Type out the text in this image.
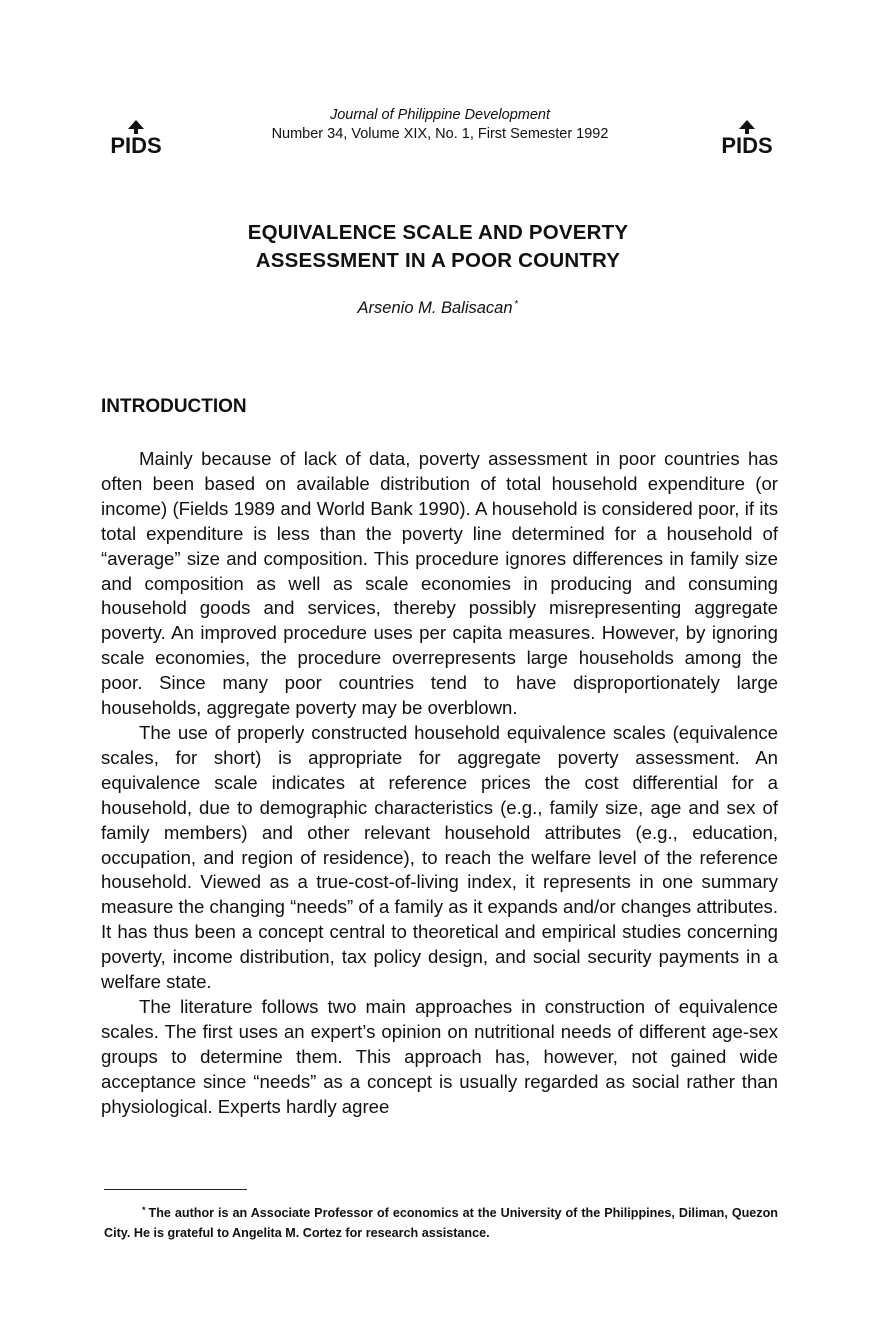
PIDS	PIDS
Journal of Philippine Development
Number 34, Volume XIX, No. 1, First Semester 1992
EQUIVALENCE SCALE AND POVERTY
ASSESSMENT IN A POOR COUNTRY
Arsenio M. Balisacan *
INTRODUCTION

Mainly because of lack of data, poverty assessment in poor countries has often been based on available distribution of total household expenditure (or income) (Fields 1989 and World Bank 1990). A household is considered poor, if its total expenditure is less than the poverty line determined for a household of “average” size and composition. This procedure ignores differences in family size and composition as well as scale economies in producing and consuming household goods and services, thereby possibly misrepresenting aggregate poverty. An improved procedure uses per capita measures. However, by ignoring scale economies, the procedure overrepresents large households among the poor. Since many poor countries tend to have disproportionately large households, aggregate poverty may be overblown.

The use of properly constructed household equivalence scales (equivalence scales, for short) is appropriate for aggregate poverty assessment. An equivalence scale indicates at reference prices the cost differential for a household, due to demographic characteristics (e.g., family size, age and sex of family members) and other relevant household attributes (e.g., education, occupation, and region of residence), to reach the welfare level of the reference household. Viewed as a true-cost-of-living index, it represents in one summary measure the changing “needs” of a family as it expands and/or changes attributes. It has thus been a concept central to theoretical and empirical studies concerning poverty, income distribution, tax policy design, and social security payments in a welfare state.

The literature follows two main approaches in construction of equivalence scales. The first uses an expert’s opinion on nutritional needs of different age-sex groups to determine them. This approach has, however, not gained wide acceptance since “needs” as a concept is usually regarded as social rather than physiological. Experts hardly agree

* The author is an Associate Professor of economics at the University of the Philippines, Diliman, Quezon City. He is grateful to Angelita M. Cortez for research assistance.
